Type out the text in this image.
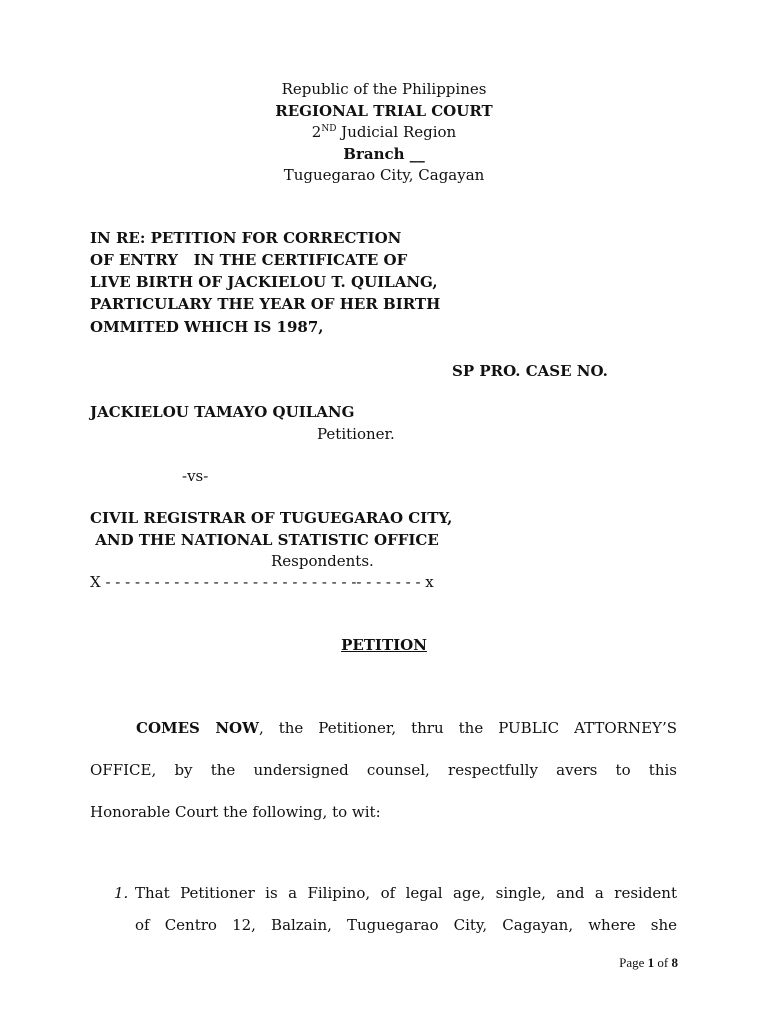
Republic of the Philippines
REGIONAL TRIAL COURT
2ND Judicial Region
Branch __
Tuguegarao City, Cagayan
IN RE: PETITION FOR CORRECTION
OF ENTRY   IN THE CERTIFICATE OF
LIVE BIRTH OF JACKIELOU T. QUILANG,
PARTICULARY THE YEAR OF HER BIRTH
OMMITED WHICH IS 1987,
SP PRO. CASE NO.
JACKIELOU TAMAYO QUILANG
Petitioner.
-vs-
CIVIL REGISTRAR OF TUGUEGARAO CITY,
AND THE NATIONAL STATISTIC OFFICE
Respondents.
X - - - - - - - - - - - - - - - - - - - - - - - - - -- - - - - - - x
PETITION
COMES NOW, the Petitioner, thru the PUBLIC ATTORNEY’S
OFFICE, by the undersigned counsel, respectfully avers to this
Honorable Court the following, to wit:
1. That Petitioner is a Filipino, of legal age, single, and a resident
of Centro 12, Balzain, Tuguegarao City, Cagayan, where she
Page 1 of 8
